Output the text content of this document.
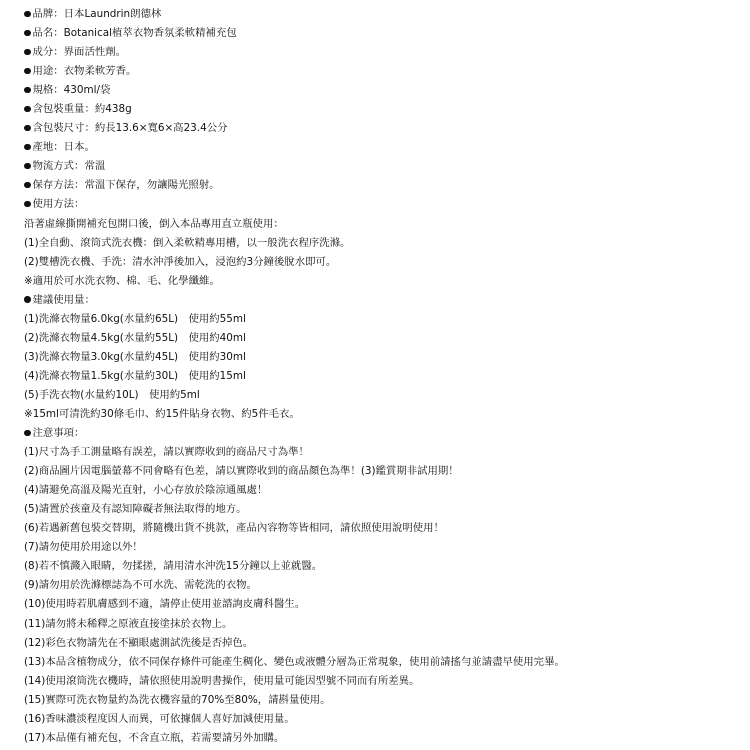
品牌：日本Laundrin朗德林
品名：Botanical植萃衣物香氛柔軟精補充包
成分：界面活性劑。
用途：衣物柔軟芳香。
規格：430ml/袋
含包裝重量：約438g
含包裝尺寸：約長13.6×寬6×高23.4公分
產地：日本。
物流方式：常溫
保存方法：常溫下保存，勿讓陽光照射。
使用方法：
沿著虛線撕開補充包開口後，倒入本品專用直立瓶使用：
(1)全自動、滾筒式洗衣機：倒入柔軟精專用槽，以一般洗衣程序洗滌。
(2)雙槽洗衣機、手洗：清水沖淨後加入，浸泡約3分鐘後脫水即可。
※適用於可水洗衣物、棉、毛、化學纖維。
建議使用量：
(1)洗滌衣物量6.0kg(水量約65L)　使用約55ml
(2)洗滌衣物量4.5kg(水量約55L)　使用約40ml
(3)洗滌衣物量3.0kg(水量約45L)　使用約30ml
(4)洗滌衣物量1.5kg(水量約30L)　使用約15ml
(5)手洗衣物(水量約10L)　使用約5ml
※15ml可清洗約30條毛巾、約15件貼身衣物、約5件毛衣。
注意事項：
(1)尺寸為手工測量略有誤差，請以實際收到的商品尺寸為準！
(2)商品圖片因電腦螢幕不同會略有色差，請以實際收到的商品顏色為準！(3)鑑賞期非試用期！
(4)請避免高溫及陽光直射，小心存放於陰涼通風處！
(5)請置於孩童及有認知障礙者無法取得的地方。
(6)若遇新舊包裝交替期，將隨機出貨不挑款，產品內容物等皆相同，請依照使用說明使用！
(7)請勿使用於用途以外！
(8)若不慎濺入眼睛，勿揉搓，請用清水沖洗15分鐘以上並就醫。
(9)請勿用於洗滌標誌為不可水洗、需乾洗的衣物。
(10)使用時若肌膚感到不適，請停止使用並諮詢皮膚科醫生。
(11)請勿將未稀釋之原液直接塗抹於衣物上。
(12)彩色衣物請先在不顯眼處測試洗後是否掉色。
(13)本品含植物成分，依不同保存條件可能產生稠化、變色或液體分層為正常現象，使用前請搖勻並請盡早使用完畢。
(14)使用滾筒洗衣機時，請依照使用說明書操作，使用量可能因型號不同而有所差異。
(15)實際可洗衣物量約為洗衣機容量的70%至80%，請斟量使用。
(16)香味濃淡程度因人而異，可依據個人喜好加減使用量。
(17)本品僅有補充包，不含直立瓶，若需要請另外加購。
